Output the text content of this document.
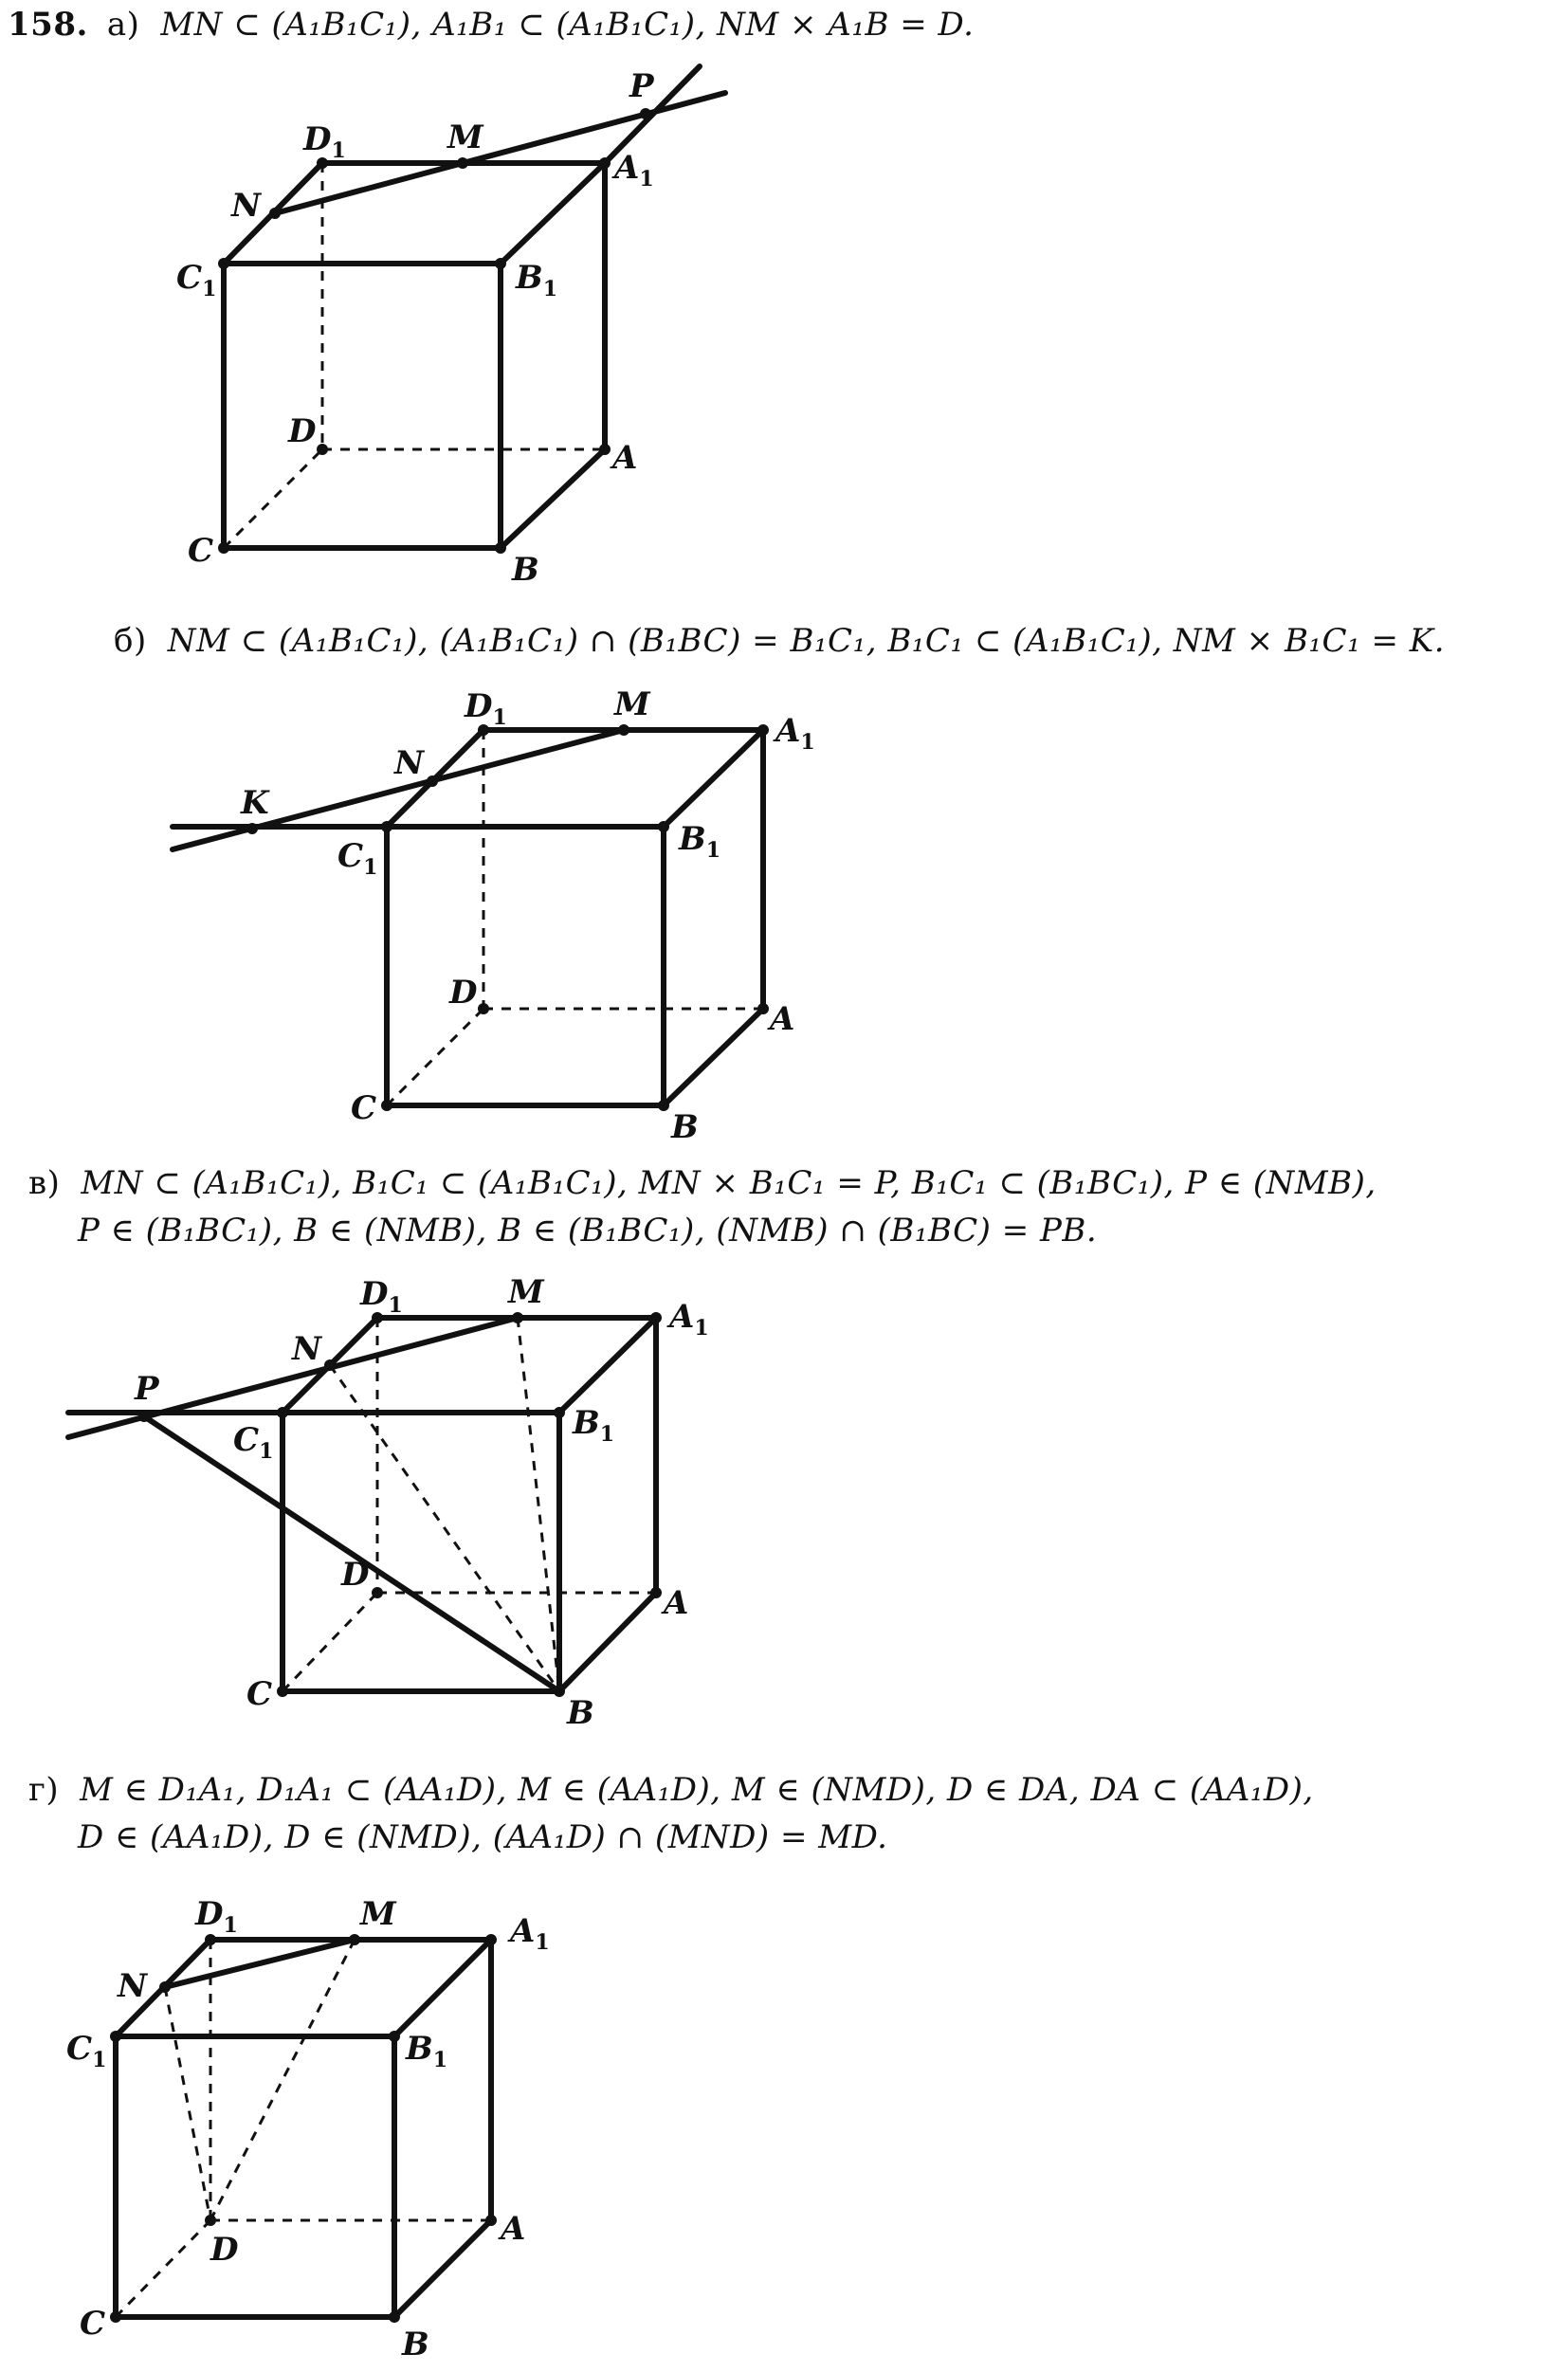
158. а) MN ⊂ (A₁B₁C₁), A₁B₁ ⊂ (A₁B₁C₁), NM × A₁B = D.
б) NM ⊂ (A₁B₁C₁), (A₁B₁C₁) ∩ (B₁BC) = B₁C₁, B₁C₁ ⊂ (A₁B₁C₁), NM × B₁C₁ = K.
в) MN ⊂ (A₁B₁C₁), B₁C₁ ⊂ (A₁B₁C₁), MN × B₁C₁ = P, B₁C₁ ⊂ (B₁BC₁), P ∈ (NMB),
P ∈ (B₁BC₁), B ∈ (NMB), B ∈ (B₁BC₁), (NMB) ∩ (B₁BC) = PB.
г) M ∈ D₁A₁, D₁A₁ ⊂ (AA₁D), M ∈ (AA₁D), M ∈ (NMD), D ∈ DA, DA ⊂ (AA₁D),
D ∈ (AA₁D), D ∈ (NMD), (AA₁D) ∩ (MND) = MD.
$D_1$	M
$A_1$
N
P
$C_1$	$B_1$
D
A
C	B
$D_1$	M
$A_1$
N
K
$C_1$
$B_1$
D
A
C	B
$D_1$	M
$A_1$
N
P
$C_1$
$B_1$
D
A
C	B
$D_1$	M	$A_1$
N
$C_1$	$B_1$
D
A
C
B
